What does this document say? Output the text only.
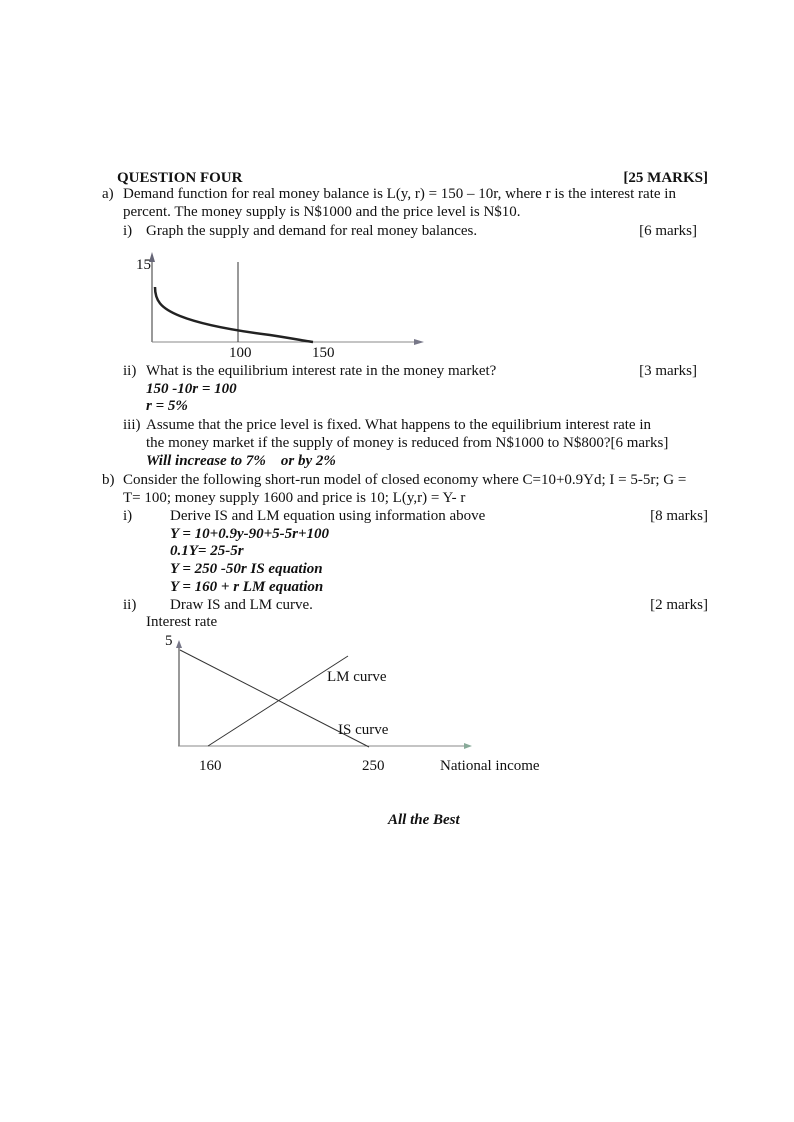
QUESTION FOUR	[25 MARKS]
a) Demand function for real money balance is L(y, r) = 150 – 10r, where r is the interest rate in
percent. The money supply is N$1000 and the price level is N$10.
i) Graph the supply and demand for real money balances.	[6 marks]
15
100	150
ii) What is the equilibrium interest rate in the money market?	[3 marks]
150 -10r = 100
r = 5%
iii) Assume that the price level is fixed. What happens to the equilibrium interest rate in
the money market if the supply of money is reduced from N$1000 to N$800?[6 marks]
Will increase to 7%    or by 2%
b) Consider the following short-run model of closed economy where C=10+0.9Yd; I = 5-5r; G =
T= 100; money supply 1600 and price is 10; L(y,r) = Y- r
i)	Derive IS and LM equation using information above	[8 marks]
Y = 10+0.9y-90+5-5r+100
0.1Y= 25-5r
Y = 250 -50r IS equation
Y = 160 + r LM equation
ii) Draw IS and LM curve.	[2 marks]
Interest rate
5
LM curve
IS curve
160	250	National income
All the Best
